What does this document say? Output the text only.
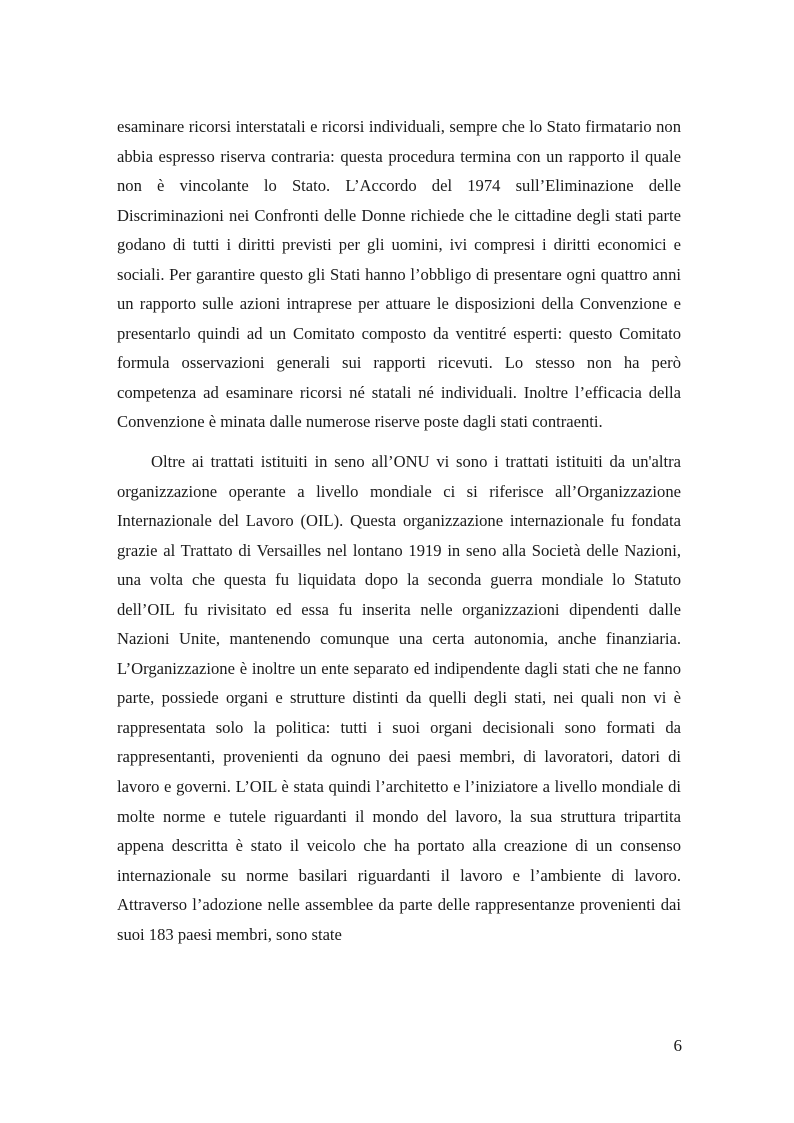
esaminare ricorsi interstatali e ricorsi individuali, sempre che lo Stato firmatario non abbia espresso riserva contraria: questa procedura termina con un rapporto il quale non è vincolante lo Stato. L’Accordo del 1974 sull’Eliminazione delle Discriminazioni nei Confronti delle Donne richiede che le cittadine degli stati parte godano di tutti i diritti previsti per gli uomini, ivi compresi i diritti economici e sociali. Per garantire questo gli Stati hanno l’obbligo di presentare ogni quattro anni un rapporto sulle azioni intraprese per attuare le disposizioni della Convenzione e presentarlo quindi ad un Comitato composto da ventitré esperti: questo Comitato formula osservazioni generali sui rapporti ricevuti. Lo stesso non ha però competenza ad esaminare ricorsi né statali né individuali. Inoltre l’efficacia della Convenzione è minata dalle numerose riserve poste dagli stati contraenti.

Oltre ai trattati istituiti in seno all’ONU vi sono i trattati istituiti da un'altra organizzazione operante a livello mondiale ci si riferisce all’Organizzazione Internazionale del Lavoro (OIL). Questa organizzazione internazionale fu fondata grazie al Trattato di Versailles nel lontano 1919 in seno alla Società delle Nazioni, una volta che questa fu liquidata dopo la seconda guerra mondiale lo Statuto dell’OIL fu rivisitato ed essa fu inserita nelle organizzazioni dipendenti dalle Nazioni Unite, mantenendo comunque una certa autonomia, anche finanziaria. L’Organizzazione è inoltre un ente separato ed indipendente dagli stati che ne fanno parte, possiede organi e strutture distinti da quelli degli stati, nei quali non vi è rappresentata solo la politica: tutti i suoi organi decisionali sono formati da rappresentanti, provenienti da ognuno dei paesi membri, di lavoratori, datori di lavoro e governi. L’OIL è stata quindi l’architetto e l’iniziatore a livello mondiale di molte norme e tutele riguardanti il mondo del lavoro, la sua struttura tripartita appena descritta è stato il veicolo che ha portato alla creazione di un consenso internazionale su norme basilari riguardanti il lavoro e l’ambiente di lavoro. Attraverso l’adozione nelle assemblee da parte delle rappresentanze provenienti dai suoi 183 paesi membri, sono state

6
